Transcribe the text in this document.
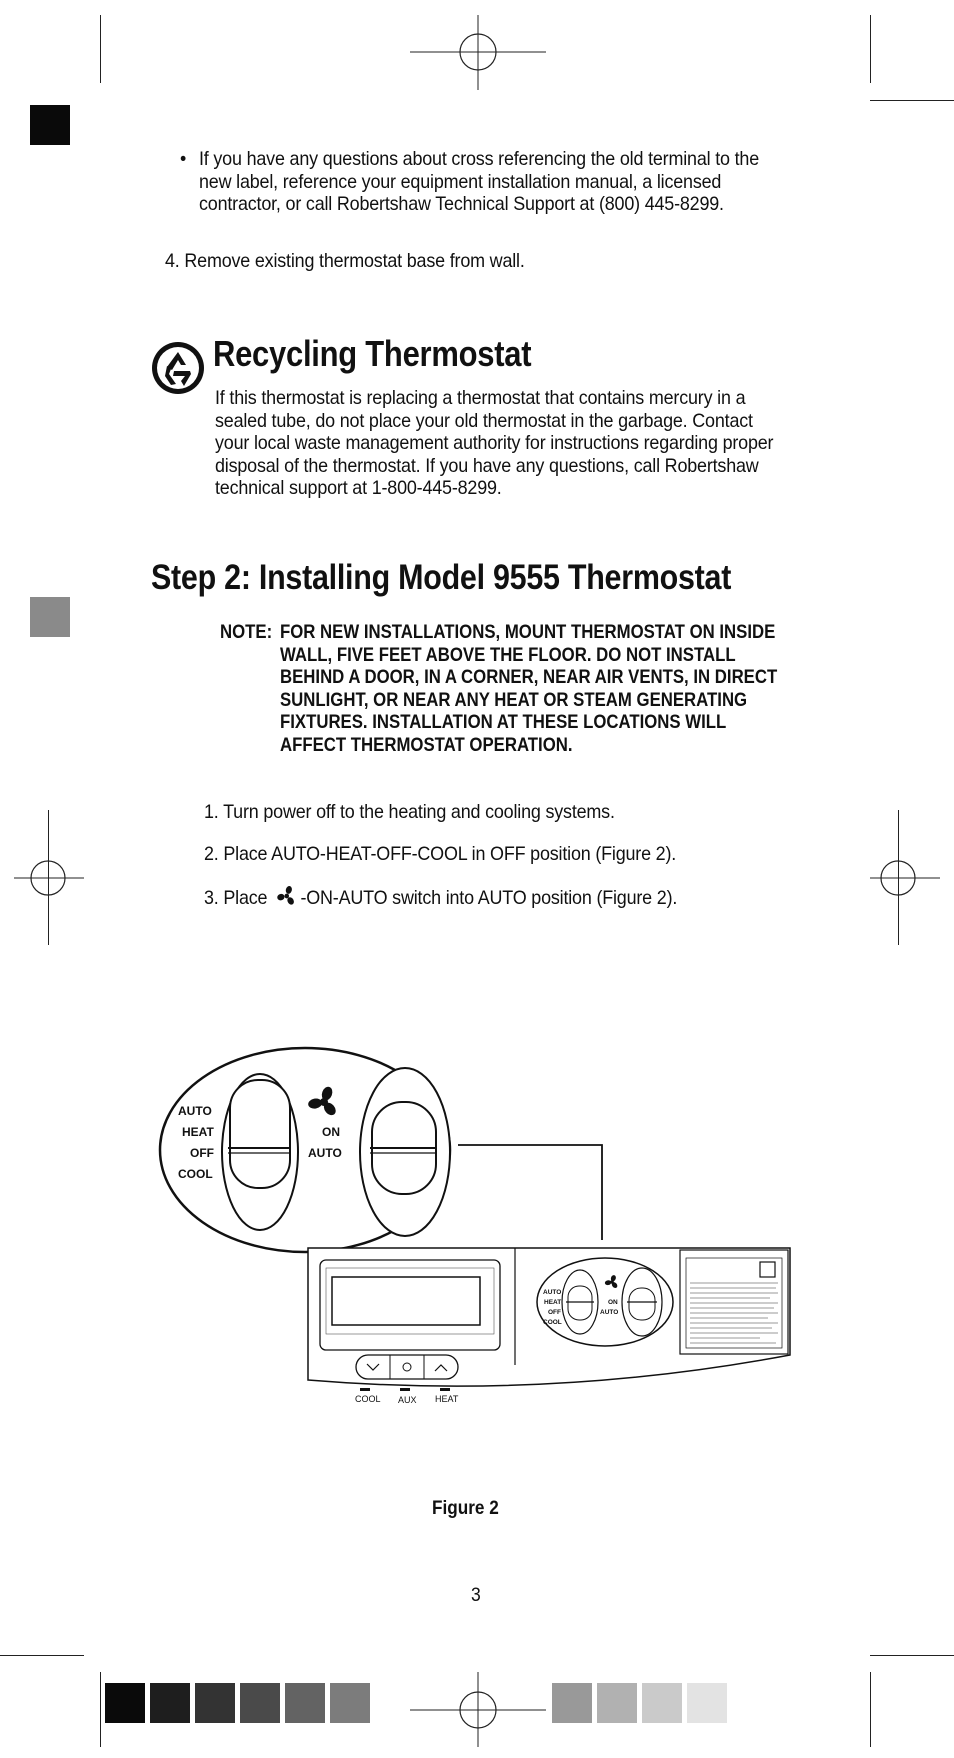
• If you have any questions about cross referencing the old terminal to the new label, reference your equipment installation manual, a licensed contractor, or call Robertshaw Technical Support at (800) 445-8299.
4. Remove existing thermostat base from wall.
Recycling Thermostat
If this thermostat is replacing a thermostat that contains mercury in a sealed tube, do not place your old thermostat in the garbage. Contact your local waste management authority for instructions regarding proper disposal of the thermostat. If you have any questions, call Robertshaw technical support at 1-800-445-8299.
Step 2: Installing Model 9555 Thermostat
NOTE: FOR NEW INSTALLATIONS, MOUNT THERMOSTAT ON INSIDE WALL, FIVE FEET ABOVE THE FLOOR. DO NOT INSTALL BEHIND A DOOR, IN A CORNER, NEAR AIR VENTS, IN DIRECT SUNLIGHT, OR NEAR ANY HEAT OR STEAM GENERATING FIXTURES. INSTALLATION AT THESE LOCATIONS WILL AFFECT THERMOSTAT OPERATION.
1. Turn power off to the heating and cooling systems.
2. Place AUTO-HEAT-OFF-COOL in OFF position (Figure 2).
3. Place -ON-AUTO switch into AUTO position (Figure 2).
AUTO
HEAT
OFF
COOL
ON
AUTO
COOL AUX HEAT
AUTO
HEAT
OFF
COOL
ON
AUTO
Figure 2
3
